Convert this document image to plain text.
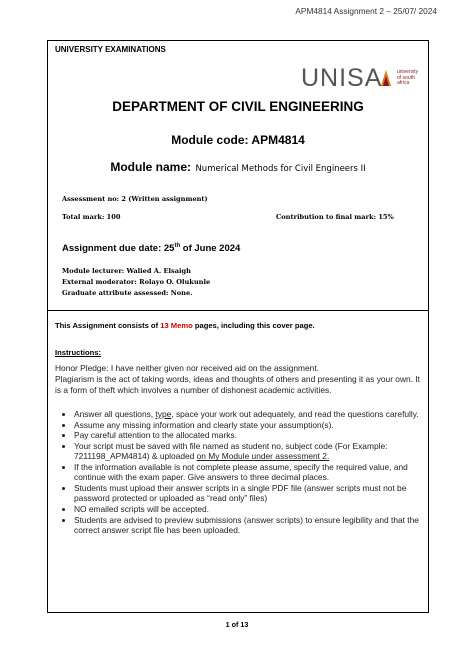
APM4814 Assignment 2 – 25/07/ 2024
UNIVERSITY EXAMINATIONS
UNISA	university
of south africa
DEPARTMENT OF CIVIL ENGINEERING
Module code: APM4814
Module name: Numerical Methods for Civil Engineers II
Assessment no: 2 (Written assignment)
Total mark: 100	Contribution to final mark: 15%
Assignment due date: 25th of June 2024
Module lecturer: Walied A. Elsaigh
External moderator: Rolayo O. Olukunle
Graduate attribute assessed: None.
This Assignment consists of 13 Memo pages, including this cover page.
Instructions:
Honor Pledge: I have neither given nor received aid on the assignment.
Plagiarism is the act of taking words, ideas and thoughts of others and presenting it as your own. It is a form of theft which involves a number of dishonest academic activities.
• Answer all questions, type, space your work out adequately, and read the questions carefully.
• Assume any missing information and clearly state your assumption(s).
• Pay careful attention to the allocated marks.
• Your script must be saved with file named as student no, subject code (For Example: 7211198_APM4814) & uploaded on My Module under assessment 2.
• If the information available is not complete please assume, specify the required value, and continue with the exam paper. Give answers to three decimal places.
• Students must upload their answer scripts in a single PDF file (answer scripts must not be password protected or uploaded as “read only” files)
• NO emailed scripts will be accepted.
• Students are advised to preview submissions (answer scripts) to ensure legibility and that the correct answer script file has been uploaded.
1 of 13
